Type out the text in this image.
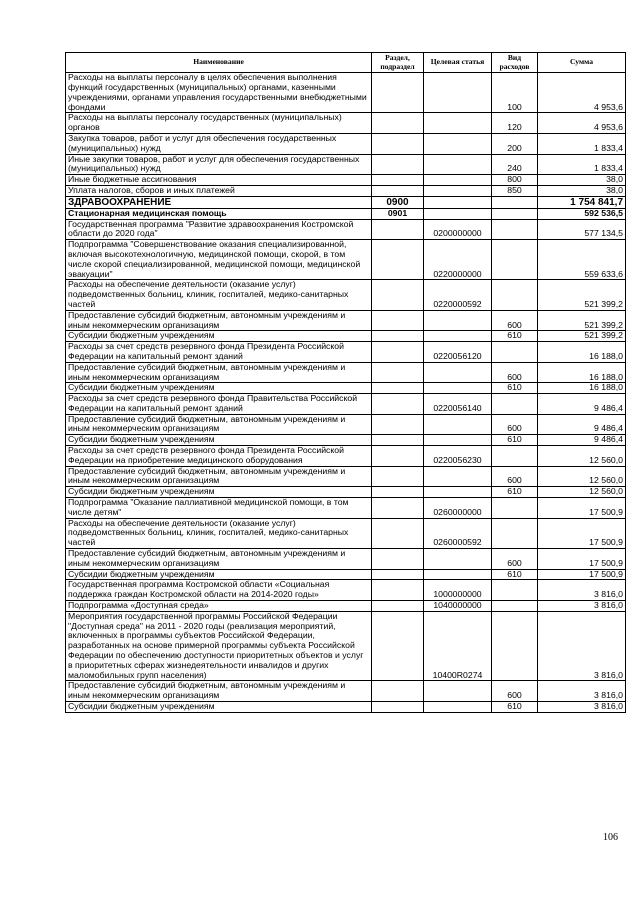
Наименование	Раздел, подраздел	Целевая статья	Вид расходов	Сумма
Расходы на выплаты персоналу в целях обеспечения выполнения функций государственных (муниципальных) органами, казенными учреждениями, органами управления государственными внебюджетными фондами			100	4 953,6
Расходы на выплаты персоналу государственных (муниципальных) органов			120	4 953,6
Закупка товаров, работ и услуг для обеспечения государственных (муниципальных) нужд			200	1 833,4
Иные закупки товаров, работ и услуг для обеспечения государственных (муниципальных) нужд			240	1 833,4
Иные бюджетные ассигнования			800	38,0
Уплата налогов, сборов и иных платежей			850	38,0
ЗДРАВООХРАНЕНИЕ	0900			1 754 841,7
Стационарная медицинская помощь	0901			592 536,5
Государственная программа "Развитие здравоохранения Костромской области до 2020 года"		0200000000		577 134,5
Подпрограмма "Совершенствование оказания специализированной, включая высокотехнологичную, медицинской помощи, скорой, в том числе скорой специализированной, медицинской помощи, медицинской эвакуации"		0220000000		559 633,6
Расходы на обеспечение деятельности (оказание услуг) подведомственных больниц, клиник, госпиталей, медико-санитарных частей		0220000592		521 399,2
Предоставление субсидий бюджетным, автономным учреждениям и иным некоммерческим организациям			600	521 399,2
Субсидии бюджетным учреждениям			610	521 399,2
Расходы за счет средств резервного фонда Президента Российской Федерации на капитальный ремонт зданий		0220056120		16 188,0
Предоставление субсидий бюджетным, автономным учреждениям и иным некоммерческим организациям			600	16 188,0
Субсидии бюджетным учреждениям			610	16 188,0
Расходы за счет средств резервного фонда Правительства Российской Федерации на капитальный ремонт зданий		0220056140		9 486,4
Предоставление субсидий бюджетным, автономным учреждениям и иным некоммерческим организациям			600	9 486,4
Субсидии бюджетным учреждениям			610	9 486,4
Расходы за счет средств резервного фонда Президента Российской Федерации на приобретение медицинского оборудования		0220056230		12 560,0
Предоставление субсидий бюджетным, автономным учреждениям и иным некоммерческим организациям			600	12 560,0
Субсидии бюджетным учреждениям			610	12 560,0
Подпрограмма "Оказание паллиативной медицинской помощи, в том числе детям"		0260000000		17 500,9
Расходы на обеспечение деятельности (оказание услуг) подведомственных больниц, клиник, госпиталей, медико-санитарных частей		0260000592		17 500,9
Предоставление субсидий бюджетным, автономным учреждениям и иным некоммерческим организациям			600	17 500,9
Субсидии бюджетным учреждениям			610	17 500,9
Государственная программа Костромской области «Социальная поддержка граждан Костромской области на 2014-2020 годы»		1000000000		3 816,0
Подпрограмма «Доступная среда»		1040000000		3 816,0
Мероприятия государственной программы Российской Федерации "Доступная среда" на 2011 - 2020 годы (реализация мероприятий, включенных в программы субъектов Российской Федерации, разработанных на основе примерной программы субъекта Российской Федерации по обеспечению доступности приоритетных объектов и услуг в приоритетных сферах жизнедеятельности инвалидов и других маломобильных групп населения)		10400R0274		3 816,0
Предоставление субсидий бюджетным, автономным учреждениям и иным некоммерческим организациям			600	3 816,0
Субсидии бюджетным учреждениям			610	3 816,0
106
